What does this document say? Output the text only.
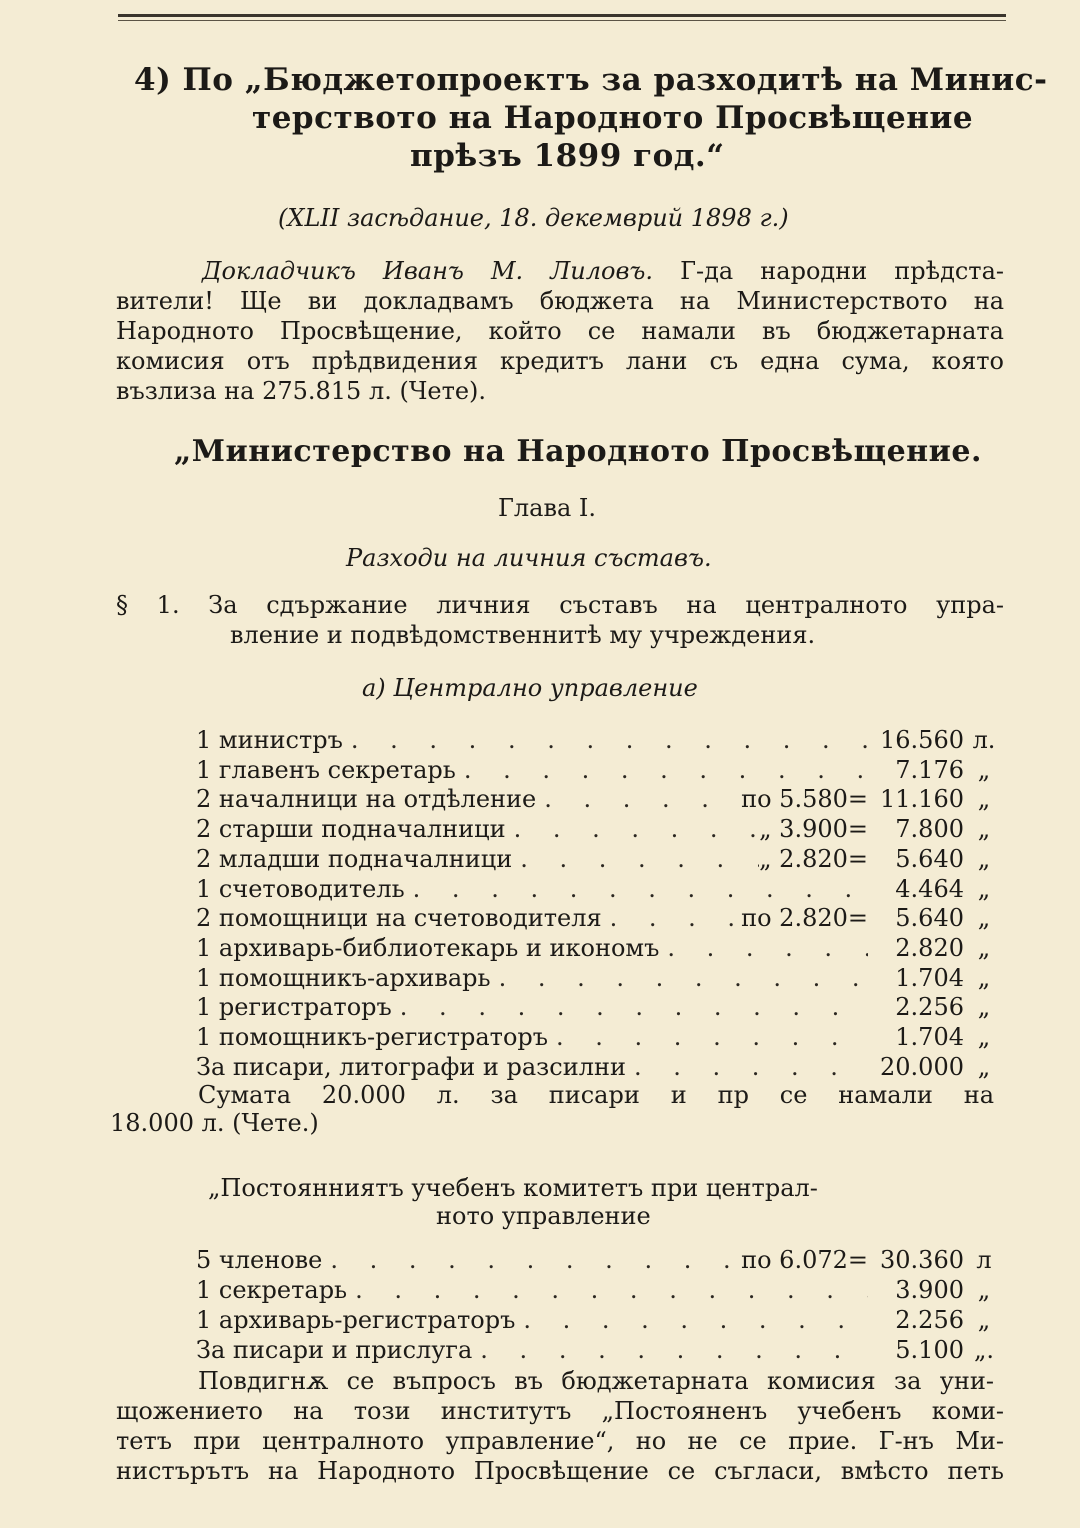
4) По „Бюджетопроектъ за разходитѣ на Минис-
терството на Народното Просвѣщение
прѣзъ 1899 год.“
(XLII засѣдание, 18. декемврий 1898 г.)
Докладчикъ Иванъ М. Лиловъ. Г-да народни прѣдста-
вители! Ще ви докладвамъ бюджета на Министерството на
Народното Просвѣщение, който се намали въ бюджетарната
комисия отъ прѣдвидения кредитъ лани съ една сума, която
възлиза на 275.815 л. (Чете).
„Министерство на Народното Просвѣщение.
Глава I.
Разходи на личния съставъ.
§ 1. За сдържание личния съставъ на централното упра-
вление и подвѣдомственнитѣ му учреждения.
а) Централно управление
1 министръ . . .	16.560 л.
1 главенъ секретарь . . .	7.176 „
2 началници на отдѣление . . .	по 5.580= 11.160 „
2 старши подначалници . . .	„ 3.900=	7.800 „
2 младши подначалници . . .	„ 2.820=	5.640 „
1 счетоводитель . . .	4.464 „
2 помощници на счетоводителя . . .	по 2.820=	5.640 „
1 архиварь-библиотекарь и икономъ . . .	2.820 „
1 помощникъ-архиварь . . .	1.704 „
1 регистраторъ . . .	2.256 „
1 помощникъ-регистраторъ . . .	1.704 „
За писари, литографи и разсилни . . .	20.000 „
Сумата 20.000 л. за писари и пр се намали на
18.000 л. (Чете.)
„Постоянниятъ учебенъ комитетъ при централ-
ното управление
5 членове . . .	по 6.072= 30.360 л
1 секретарь . . .	3.900 „
1 архиварь-регистраторъ . . .	2.256 „
За писари и прислуга . . .	5.100 „.
Повдигнѫ се въпросъ въ бюджетарната комисия за уни-
щожението на този институтъ „Постояненъ учебенъ коми-
тетъ при централното управление“, но не се прие. Г-нъ Ми-
нистърътъ на Народното Просвѣщение се съгласи, вмѣсто петь
